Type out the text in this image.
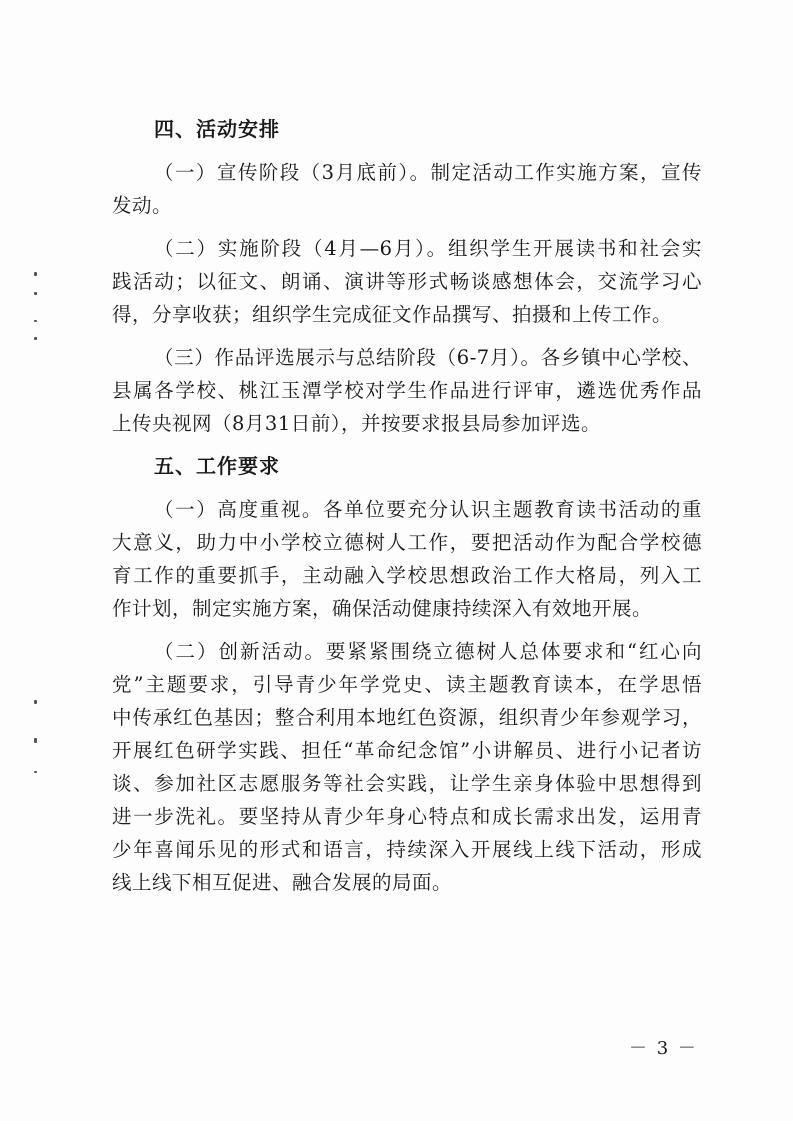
四、活动安排
（一）宣传阶段（3月底前）。制定活动工作实施方案，宣传
发动。
（二）实施阶段（4月—6月）。组织学生开展读书和社会实
践活动；以征文、朗诵、演讲等形式畅谈感想体会，交流学习心
得，分享收获；组织学生完成征文作品撰写、拍摄和上传工作。
（三）作品评选展示与总结阶段（6-7月）。各乡镇中心学校、
县属各学校、桃江玉潭学校对学生作品进行评审，遴选优秀作品
上传央视网（8月31日前），并按要求报县局参加评选。
五、工作要求
（一）高度重视。各单位要充分认识主题教育读书活动的重
大意义，助力中小学校立德树人工作，要把活动作为配合学校德
育工作的重要抓手，主动融入学校思想政治工作大格局，列入工
作计划，制定实施方案，确保活动健康持续深入有效地开展。
（二）创新活动。要紧紧围绕立德树人总体要求和“红心向
党”主题要求，引导青少年学党史、读主题教育读本，在学思悟
中传承红色基因；整合利用本地红色资源，组织青少年参观学习，
开展红色研学实践、担任“革命纪念馆”小讲解员、进行小记者访
谈、参加社区志愿服务等社会实践，让学生亲身体验中思想得到
进一步洗礼。要坚持从青少年身心特点和成长需求出发，运用青
少年喜闻乐见的形式和语言，持续深入开展线上线下活动，形成
线上线下相互促进、融合发展的局面。
－ 3 －
